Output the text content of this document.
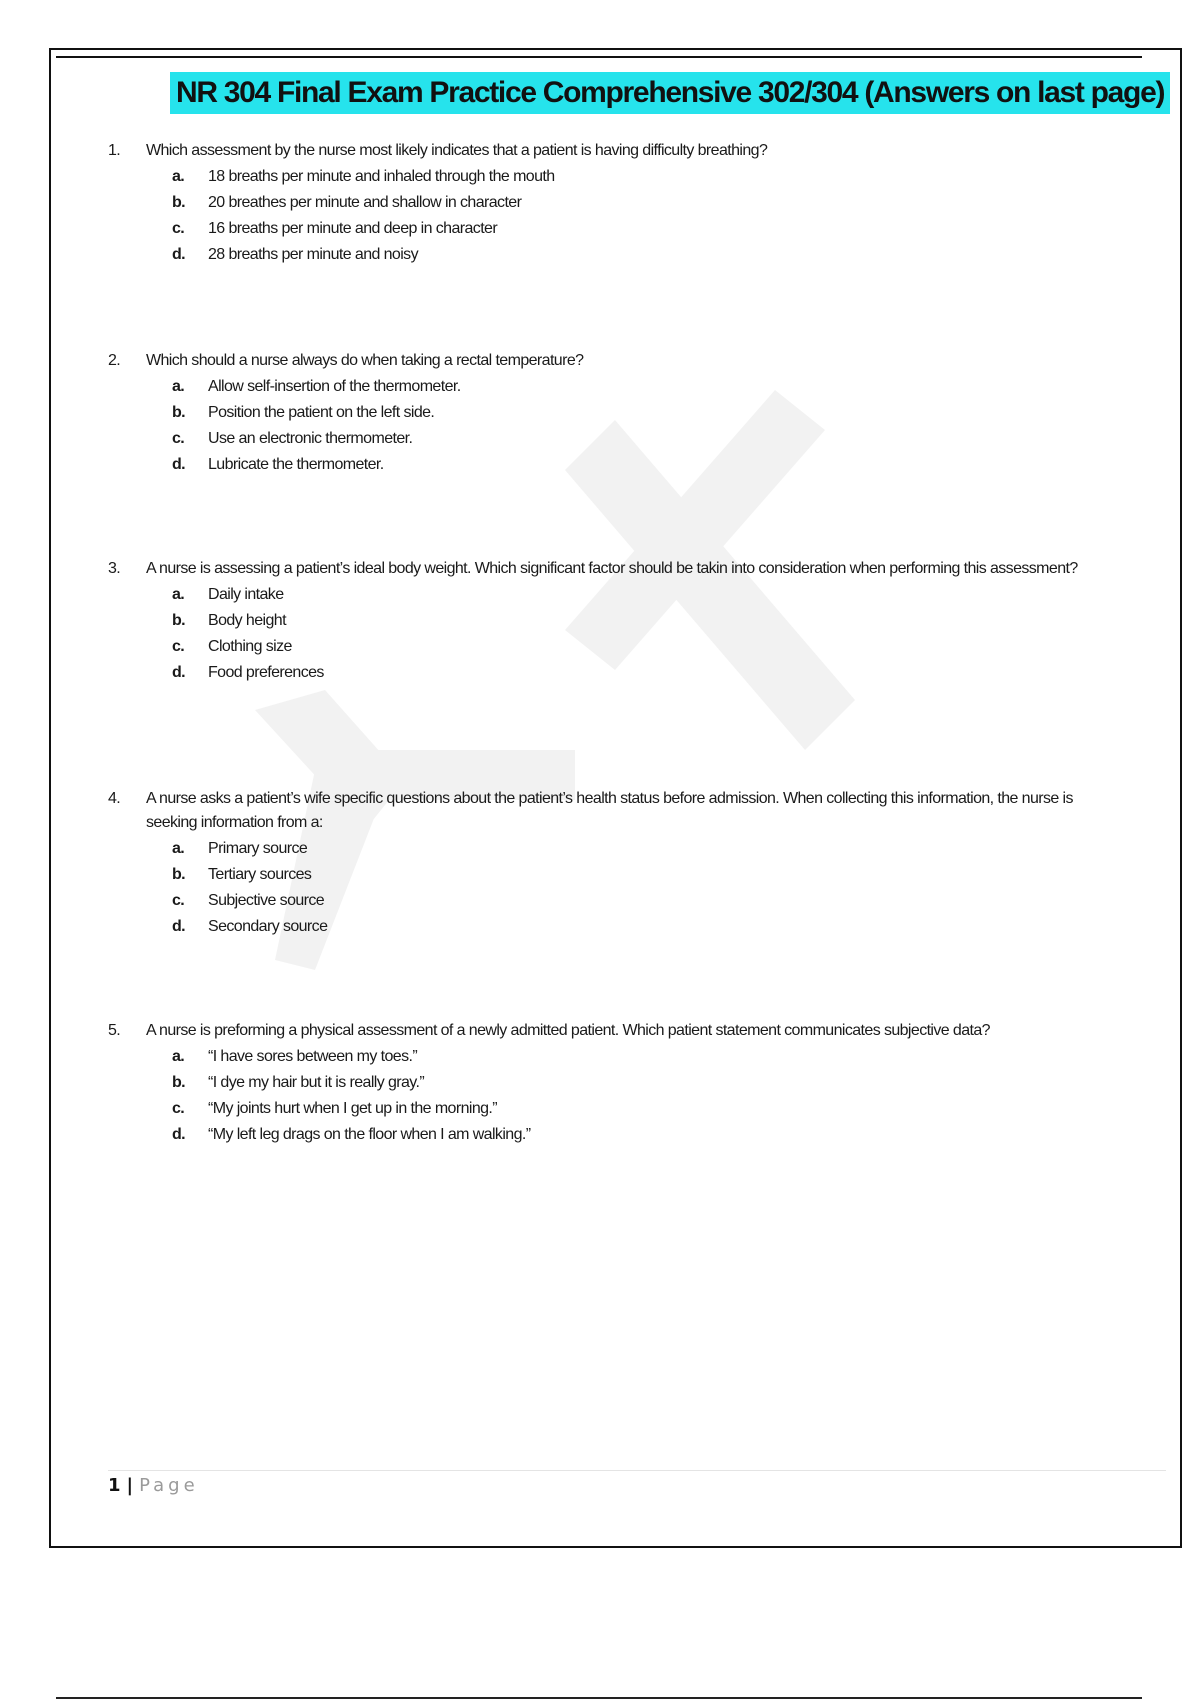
NR 304 Final Exam Practice Comprehensive 302/304 (Answers on last page)
1.	Which assessment by the nurse most likely indicates that a patient is having difficulty breathing?
a.	18 breaths per minute and inhaled through the mouth
b.	20 breathes per minute and shallow in character
c.	16 breaths per minute and deep in character
d.	28 breaths per minute and noisy
2.	Which should a nurse always do when taking a rectal temperature?
a.	Allow self-insertion of the thermometer.
b.	Position the patient on the left side.
c.	Use an electronic thermometer.
d.	Lubricate the thermometer.
3.	A nurse is assessing a patient’s ideal body weight. Which significant factor should be takin into consideration when performing this assessment?
a.	Daily intake
b.	Body height
c.	Clothing size
d.	Food preferences
4.	A nurse asks a patient’s wife specific questions about the patient’s health status before admission. When collecting this information, the nurse is seeking information from a:
a.	Primary source
b.	Tertiary sources
c.	Subjective source
d.	Secondary source
5.	A nurse is preforming a physical assessment of a newly admitted patient. Which patient statement communicates subjective data?
a.	“I have sores between my toes.”
b.	“I dye my hair but it is really gray.”
c.	“My joints hurt when I get up in the morning.”
d.	“My left leg drags on the floor when I am walking.”
1 | Page
